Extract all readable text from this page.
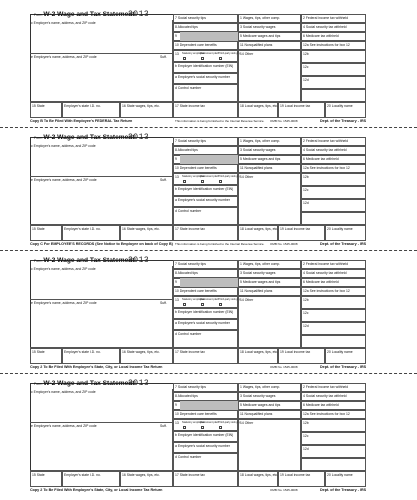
FormW-2 Wage and Tax Statement
2013
c Employer's name, address, and ZIP code
e Employee's name, address, and ZIP code	Suff.
7 Social security tips
8 Allocated tips
9
10 Dependent care benefits
13 Statutory employee
Retirement plan Third-party sick pay
b Employer identification number (EIN)
a Employee's social security number
d Control number
1 Wages, tips, other comp.
3 Social security wages
5 Medicare wages and tips
11 Nonqualified plans
14 Other
2 Federal income tax withheld
4 Social security tax withheld
6 Medicare tax withheld
12a See instructions for box 12
12b
12c
12d
15 State	Employer's state I.D. no.	16 State wages, tips, etc.	17 State income tax	18 Local wages, tips, etc. 19 Local income tax	20 Locality name
Copy B To Be Filed With Employee's FEDERAL Tax Return	This information is being furnished to the Internal Revenue Service. OMB No. 1545-0008	Dept. of the Treasury - IRS
FormW-2 Wage and Tax Statement
2013
c Employer's name, address, and ZIP code
e Employee's name, address, and ZIP code	Suff.
7 Social security tips
8 Allocated tips
9
10 Dependent care benefits
13 Statutory employee
Retirement plan Third-party sick pay
b Employer identification number (EIN)
a Employee's social security number
d Control number
1 Wages, tips, other comp.
3 Social security wages
5 Medicare wages and tips
11 Nonqualified plans
14 Other
2 Federal income tax withheld
4 Social security tax withheld
6 Medicare tax withheld
12a See instructions for box 12
12b
12c
12d
15 State	Employer's state I.D. no.	16 State wages, tips, etc.	17 State income tax	18 Local wages, tips, etc. 19 Local income tax	20 Locality name
Copy C For EMPLOYEE'S RECORDS (See Notice to Employee on back of Copy B) This information is being furnished to the Internal Revenue Service. OMB No. 1545-0008	Dept. of the Treasury - IRS
FormW-2 Wage and Tax Statement
2013
c Employer's name, address, and ZIP code
e Employee's name, address, and ZIP code	Suff.
7 Social security tips
8 Allocated tips
9
10 Dependent care benefits
13 Statutory employee
Retirement plan Third-party sick pay
b Employer identification number (EIN)
a Employee's social security number
d Control number
1 Wages, tips, other comp.
3 Social security wages
5 Medicare wages and tips
11 Nonqualified plans
14 Other
2 Federal income tax withheld
4 Social security tax withheld
6 Medicare tax withheld
12a See instructions for box 12
12b
12c
12d
15 State	Employer's state I.D. no.	16 State wages, tips, etc.	17 State income tax	18 Local wages, tips, etc. 19 Local income tax	20 Locality name
Copy 2 To Be Filed With Employee's State, City, or Local Income Tax Return	OMB No. 1545-0008	Dept. of the Treasury - IRS
FormW-2 Wage and Tax Statement
2013
c Employer's name, address, and ZIP code
e Employee's name, address, and ZIP code	Suff.
7 Social security tips
8 Allocated tips
9
10 Dependent care benefits
13 Statutory employee
Retirement plan Third-party sick pay
b Employer identification number (EIN)
a Employee's social security number
d Control number
1 Wages, tips, other comp.
3 Social security wages
5 Medicare wages and tips
11 Nonqualified plans
14 Other
2 Federal income tax withheld
4 Social security tax withheld
6 Medicare tax withheld
12a See instructions for box 12
12b
12c
12d
15 State	Employer's state I.D. no.	16 State wages, tips, etc.	17 State income tax	18 Local wages, tips, etc. 19 Local income tax	20 Locality name
Copy 2 To Be Filed With Employee's State, City, or Local Income Tax Return	OMB No. 1545-0008	Dept. of the Treasury - IRS
